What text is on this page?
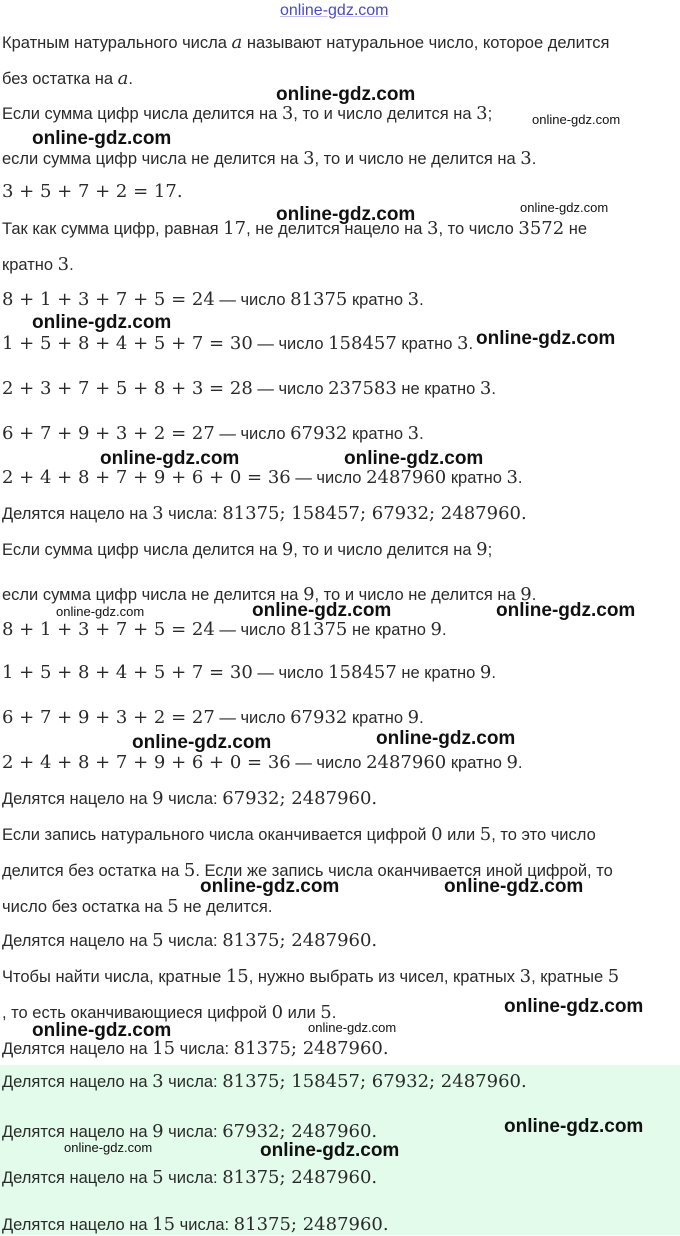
Кратным натурального числа a называют натуральное число, которое делится
без остатка на a.
Если сумма цифр числа делится на 3, то и число делится на 3;
если сумма цифр числа не делится на 3, то и число не делится на 3.
3 + 5 + 7 + 2 = 17.
Так как сумма цифр, равная 17, не делится нацело на 3, то число 3572 не
кратно 3.
8 + 1 + 3 + 7 + 5 = 24 — число 81375 кратно 3.
1 + 5 + 8 + 4 + 5 + 7 = 30 — число 158457 кратно 3.
2 + 3 + 7 + 5 + 8 + 3 = 28 — число 237583 не кратно 3.
6 + 7 + 9 + 3 + 2 = 27 — число 67932 кратно 3.
2 + 4 + 8 + 7 + 9 + 6 + 0 = 36 — число 2487960 кратно 3.
Делятся нацело на 3 числа: 81375; 158457; 67932; 2487960.
Если сумма цифр числа делится на 9, то и число делится на 9;
если сумма цифр числа не делится на 9, то и число не делится на 9.
8 + 1 + 3 + 7 + 5 = 24 — число 81375 не кратно 9.
1 + 5 + 8 + 4 + 5 + 7 = 30 — число 158457 не кратно 9.
6 + 7 + 9 + 3 + 2 = 27 — число 67932 кратно 9.
2 + 4 + 8 + 7 + 9 + 6 + 0 = 36 — число 2487960 кратно 9.
Делятся нацело на 9 числа: 67932; 2487960.
Если запись натурального числа оканчивается цифрой 0 или 5, то это число
делится без остатка на 5. Если же запись числа оканчивается иной цифрой, то
число без остатка на 5 не делится.
Делятся нацело на 5 числа: 81375; 2487960.
Чтобы найти числа, кратные 15, нужно выбрать из чисел, кратных 3, кратные 5
, то есть оканчивающиеся цифрой 0 или 5.
Делятся нацело на 15 числа: 81375; 2487960.
Делятся нацело на 3 числа: 81375; 158457; 67932; 2487960.
Делятся нацело на 9 числа: 67932; 2487960.
Делятся нацело на 5 числа: 81375; 2487960.
Делятся нацело на 15 числа: 81375; 2487960.
online-gdz.com
online-gdz.com
online-gdz.com
online-gdz.com
online-gdz.com	online-gdz.com
online-gdz.com
online-gdz.com
online-gdz.com	online-gdz.com
online-gdz.com	online-gdz.com	online-gdz.com
online-gdz.com	online-gdz.com
online-gdz.com	online-gdz.com
online-gdz.com
online-gdz.com	online-gdz.com
online-gdz.com
online-gdz.com	online-gdz.com
